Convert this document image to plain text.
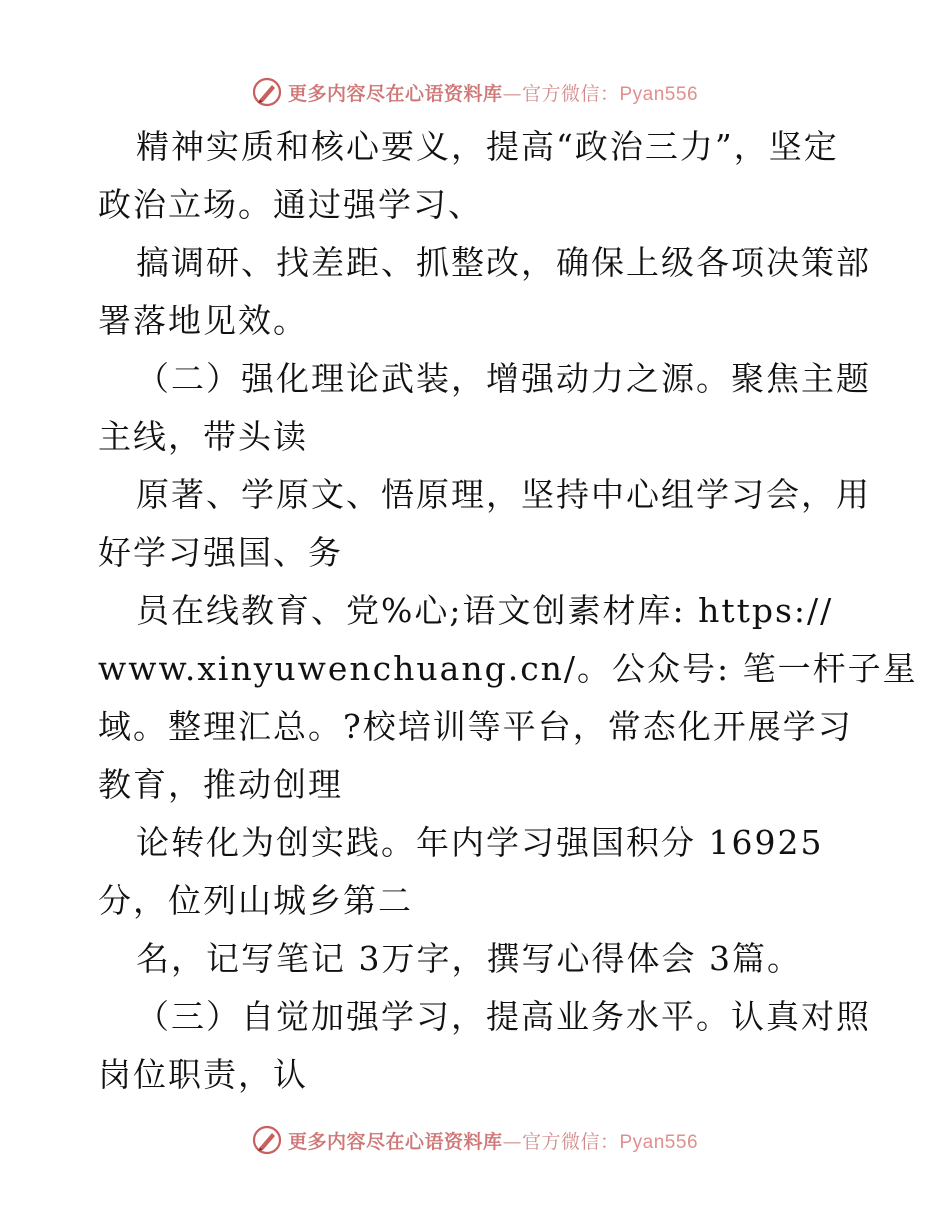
更多内容尽在心语资料库—官方微信：Pyan556
精神实质和核心要义，提高“政治三力”，坚定
政治立场。通过强学习、
搞调研、找差距、抓整改，确保上级各项决策部
署落地见效。
（二）强化理论武装，增强动力之源。聚焦主题
主线，带头读
原著、学原文、悟原理，坚持中心组学习会，用
好学习强国、务
员在线教育、党%心;语文创素材库: https://
www.xinyuwenchuang.cn/。公众号: 笔一杆子星
域。整理汇总。?校培训等平台，常态化开展学习
教育，推动创理
论转化为创实践。年内学习强国积分 16925
分，位列山城乡第二
名，记写笔记 3万字，撰写心得体会 3篇。
（三）自觉加强学习，提高业务水平。认真对照
岗位职责，认
更多内容尽在心语资料库—官方微信：Pyan556
